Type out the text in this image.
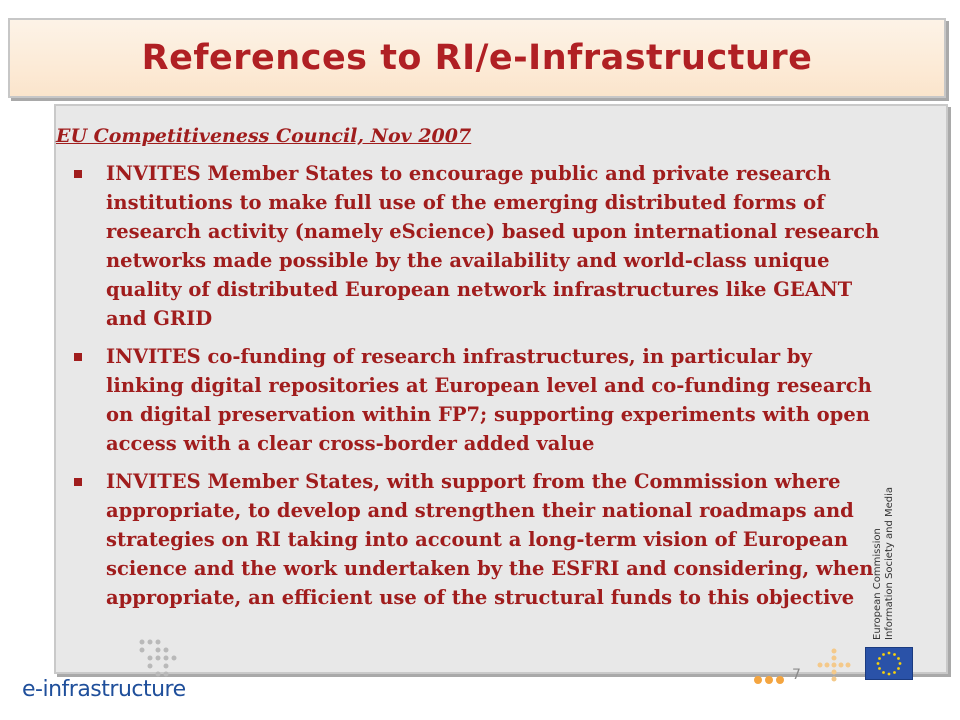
References to RI/e-Infrastructure
EU Competitiveness Council, Nov 2007
INVITES Member States to encourage public and private research institutions to make full use of the emerging distributed forms of research activity (namely eScience) based upon international research networks made possible by the availability and world-class unique quality of distributed European network infrastructures like GEANT and GRID
INVITES co-funding of research infrastructures, in particular by linking digital repositories at European level and co-funding research on digital preservation within FP7; supporting experiments with open access with a clear cross-border added value
INVITES Member States, with support from the Commission where appropriate, to develop and strengthen their national roadmaps and strategies on RI taking into account a long-term vision of European science and the work undertaken by the ESFRI and considering, when appropriate, an efficient use of the structural funds to this objective
e-infrastructure
7
European Commission Information Society and Media
